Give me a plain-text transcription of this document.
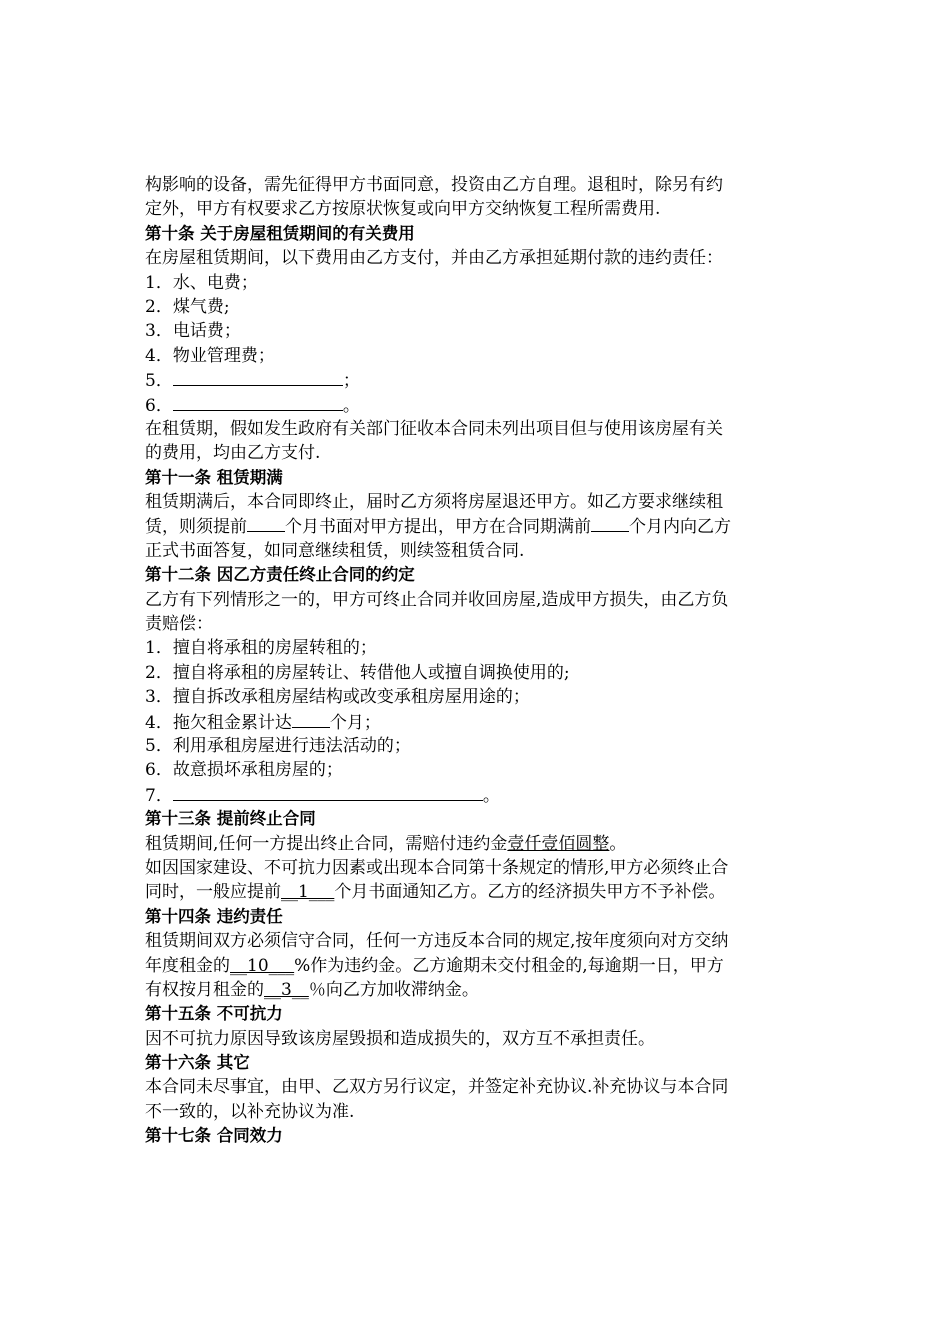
构影响的设备，需先征得甲方书面同意，投资由乙方自理。退租时，除另有约
定外，甲方有权要求乙方按原状恢复或向甲方交纳恢复工程所需费用.
第十条 关于房屋租赁期间的有关费用
在房屋租赁期间，以下费用由乙方支付，并由乙方承担延期付款的违约责任：
1．水、电费；
2．煤气费;
3．电话费；
4．物业管理费；
5．	；
6．	。
在租赁期，假如发生政府有关部门征收本合同未列出项目但与使用该房屋有关
的费用，均由乙方支付.
第十一条 租赁期满
租赁期满后，本合同即终止，届时乙方须将房屋退还甲方。如乙方要求继续租
赁，则须提前 个月书面对甲方提出，甲方在合同期满前 个月内向乙方
正式书面答复，如同意继续租赁，则续签租赁合同.
第十二条 因乙方责任终止合同的约定
乙方有下列情形之一的，甲方可终止合同并收回房屋,造成甲方损失，由乙方负
责赔偿：
1．擅自将承租的房屋转租的；
2．擅自将承租的房屋转让、转借他人或擅自调换使用的;
3．擅自拆改承租房屋结构或改变承租房屋用途的；
4．拖欠租金累计达 个月；
5．利用承租房屋进行违法活动的；
6．故意损坏承租房屋的；
7．	。
第十三条 提前终止合同
租赁期间,任何一方提出终止合同，需赔付违约金壹仟壹佰圆整。
如因国家建设、不可抗力因素或出现本合同第十条规定的情形,甲方必须终止合
同时，一般应提前__1___个月书面通知乙方。乙方的经济损失甲方不予补偿。
第十四条 违约责任
租赁期间双方必须信守合同，任何一方违反本合同的规定,按年度须向对方交纳
年度租金的__10___%作为违约金。乙方逾期未交付租金的,每逾期一日，甲方
有权按月租金的__3__％向乙方加收滞纳金。
第十五条 不可抗力
因不可抗力原因导致该房屋毁损和造成损失的，双方互不承担责任。
第十六条 其它
本合同未尽事宜，由甲、乙双方另行议定，并签定补充协议.补充协议与本合同
不一致的，以补充协议为准.
第十七条 合同效力
